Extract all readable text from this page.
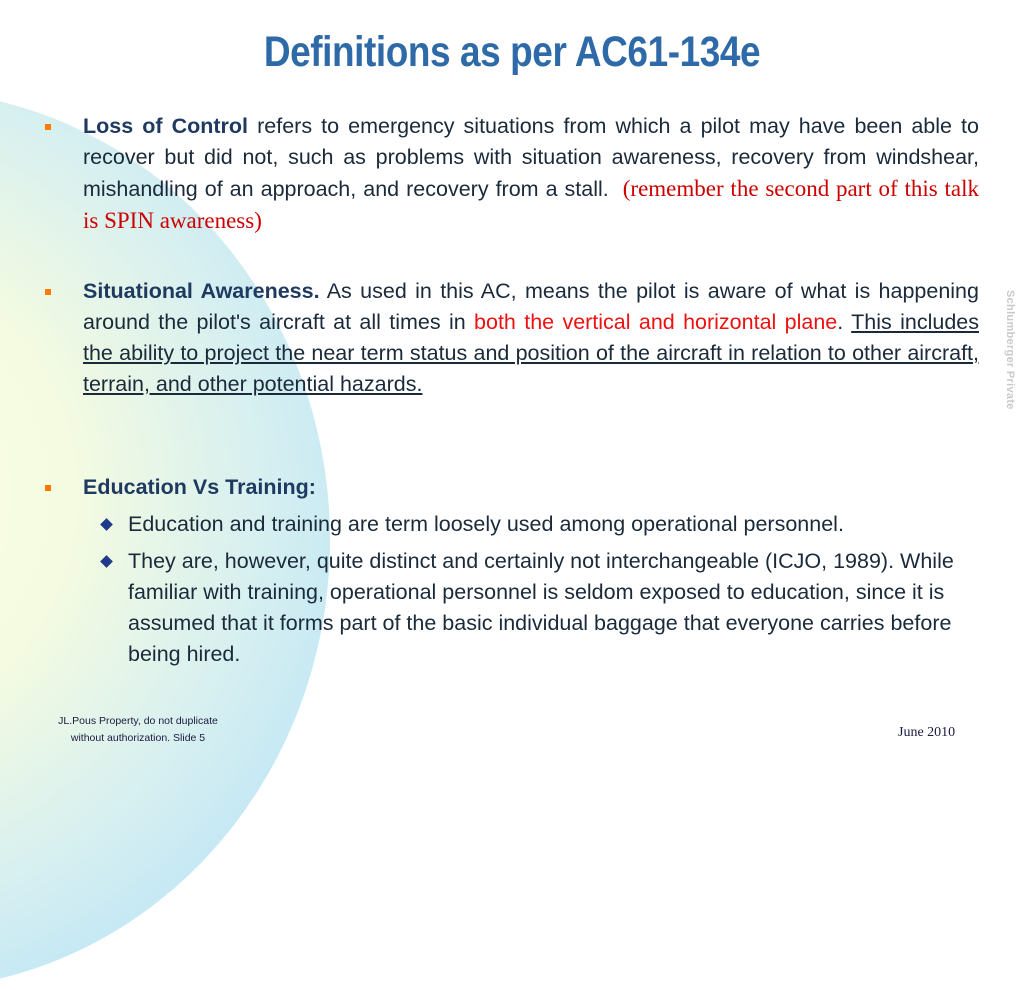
Definitions as per AC61-134e

Loss of Control refers to emergency situations from which a pilot may have been able to recover but did not, such as problems with situation awareness, recovery from windshear, mishandling of an approach, and recovery from a stall. (remember the second part of this talk is SPIN awareness)

Situational Awareness. As used in this AC, means the pilot is aware of what is happening around the pilot's aircraft at all times in both the vertical and horizontal plane. This includes the ability to project the near term status and position of the aircraft in relation to other aircraft, terrain, and other potential hazards.

Education Vs Training:

Education and training are term loosely used among operational personnel.

They are, however, quite distinct and certainly not interchangeable (ICJO, 1989). While familiar with training, operational personnel is seldom exposed to education, since it is assumed that it forms part of the basic individual baggage that everyone carries before being hired.

Schlumberger Private
JL.Pous Property, do not duplicate
without authorization. Slide 5	June 2010
